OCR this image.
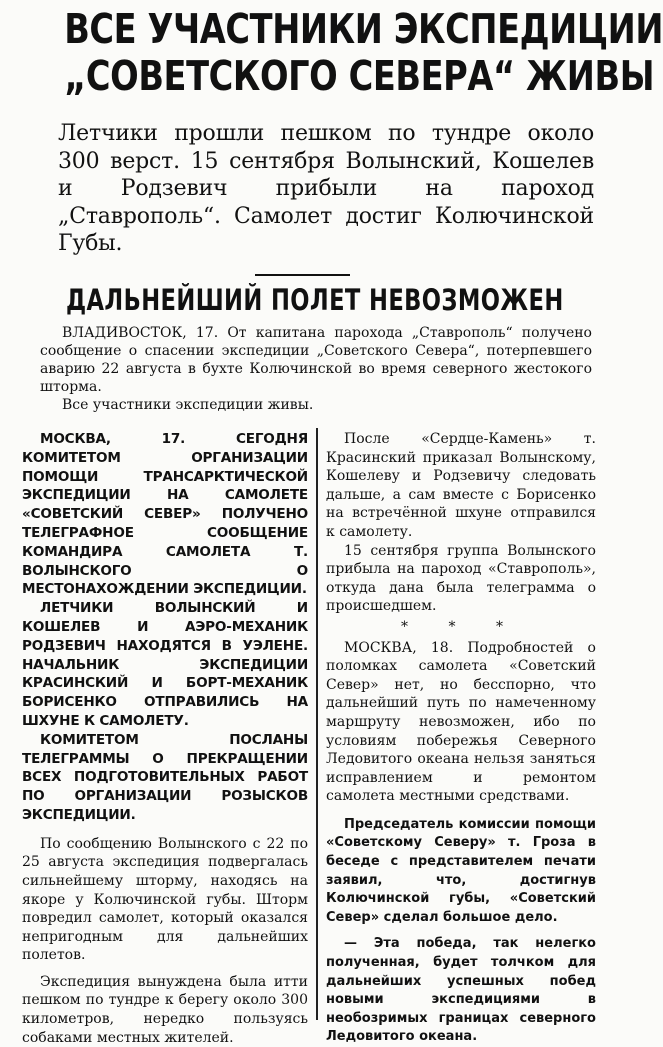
ВСЕ УЧАСТНИКИ ЭКСПЕДИЦИИ
„СОВЕТСКОГО СЕВЕРА“ ЖИВЫ
Летчики прошли пешком по тундре около 300 верст. 15 сентября Волынский, Кошелев и Родзевич прибыли на пароход „Ставрополь“. Самолет достиг Колючинской Губы.
ДАЛЬНЕЙШИЙ ПОЛЕТ НЕВОЗМОЖЕН

ВЛАДИВОСТОК, 17. От капитана парохода „Ставрополь“ получено сообщение о спасении экспедиции „Советского Севера“, потерпевшего аварию 22 августа в бухте Колючинской во время северного жестокого шторма.

Все участники экспедиции живы.

МОСКВА, 17. СЕГОДНЯ КОМИТЕТОМ ОРГАНИЗАЦИИ ПОМОЩИ ТРАНСАРКТИЧЕСКОЙ ЭКСПЕДИЦИИ НА САМОЛЕТЕ «СОВЕТСКИЙ СЕВЕР» ПОЛУЧЕНО ТЕЛЕГРАФНОЕ СООБЩЕНИЕ КОМАНДИРА САМОЛЕТА Т. ВОЛЫНСКОГО О МЕСТОНАХОЖДЕНИИ ЭКСПЕДИЦИИ.

ЛЕТЧИКИ ВОЛЫНСКИЙ И КОШЕЛЕВ И АЭРО-МЕХАНИК РОДЗЕВИЧ НАХОДЯТСЯ В УЭЛЕНЕ. НАЧАЛЬНИК ЭКСПЕДИЦИИ КРАСИНСКИЙ И БОРТ-МЕХАНИК БОРИСЕНКО ОТПРАВИЛИСЬ НА ШХУНЕ К САМОЛЕТУ.

КОМИТЕТОМ ПОСЛАНЫ ТЕЛЕГРАММЫ О ПРЕКРАЩЕНИИ ВСЕХ ПОДГОТОВИТЕЛЬНЫХ РАБОТ ПО ОРГАНИЗАЦИИ РОЗЫСКОВ ЭКСПЕДИЦИИ.

По сообщению Волынского с 22 по 25 августа экспедиция подвергалась сильнейшему шторму, находясь на якоре у Колючинской губы. Шторм повредил самолет, который оказался непригодным для дальнейших полетов.

Экспедиция вынуждена была итти пешком по тундре к берегу около 300 километров, нередко пользуясь собаками местных жителей.

После «Сердце-Камень» т. Красинский приказал Волынскому, Кошелеву и Родзевичу следовать дальше, а сам вместе с Борисенко на встречённой шхуне отправился к самолету.

15 сентября группа Волынского прибыла на пароход «Ставрополь», откуда дана была телеграмма о происшедшем.

* * *

МОСКВА, 18. Подробностей о поломках самолета «Советский Север» нет, но бесспорно, что дальнейший путь по намеченному маршруту невозможен, ибо по условиям побережья Северного Ледовитого океана нельзя заняться исправлением и ремонтом самолета местными средствами.

Председатель комиссии помощи «Советскому Северу» т. Гроза в беседе с представителем печати заявил, что, достигнув Колючинской губы, «Советский Север» сделал большое дело.

— Эта победа, так нелегко полученная, будет толчком для дальнейших успешных побед новыми экспедициями в необозримых границах северного Ледовитого океана.
